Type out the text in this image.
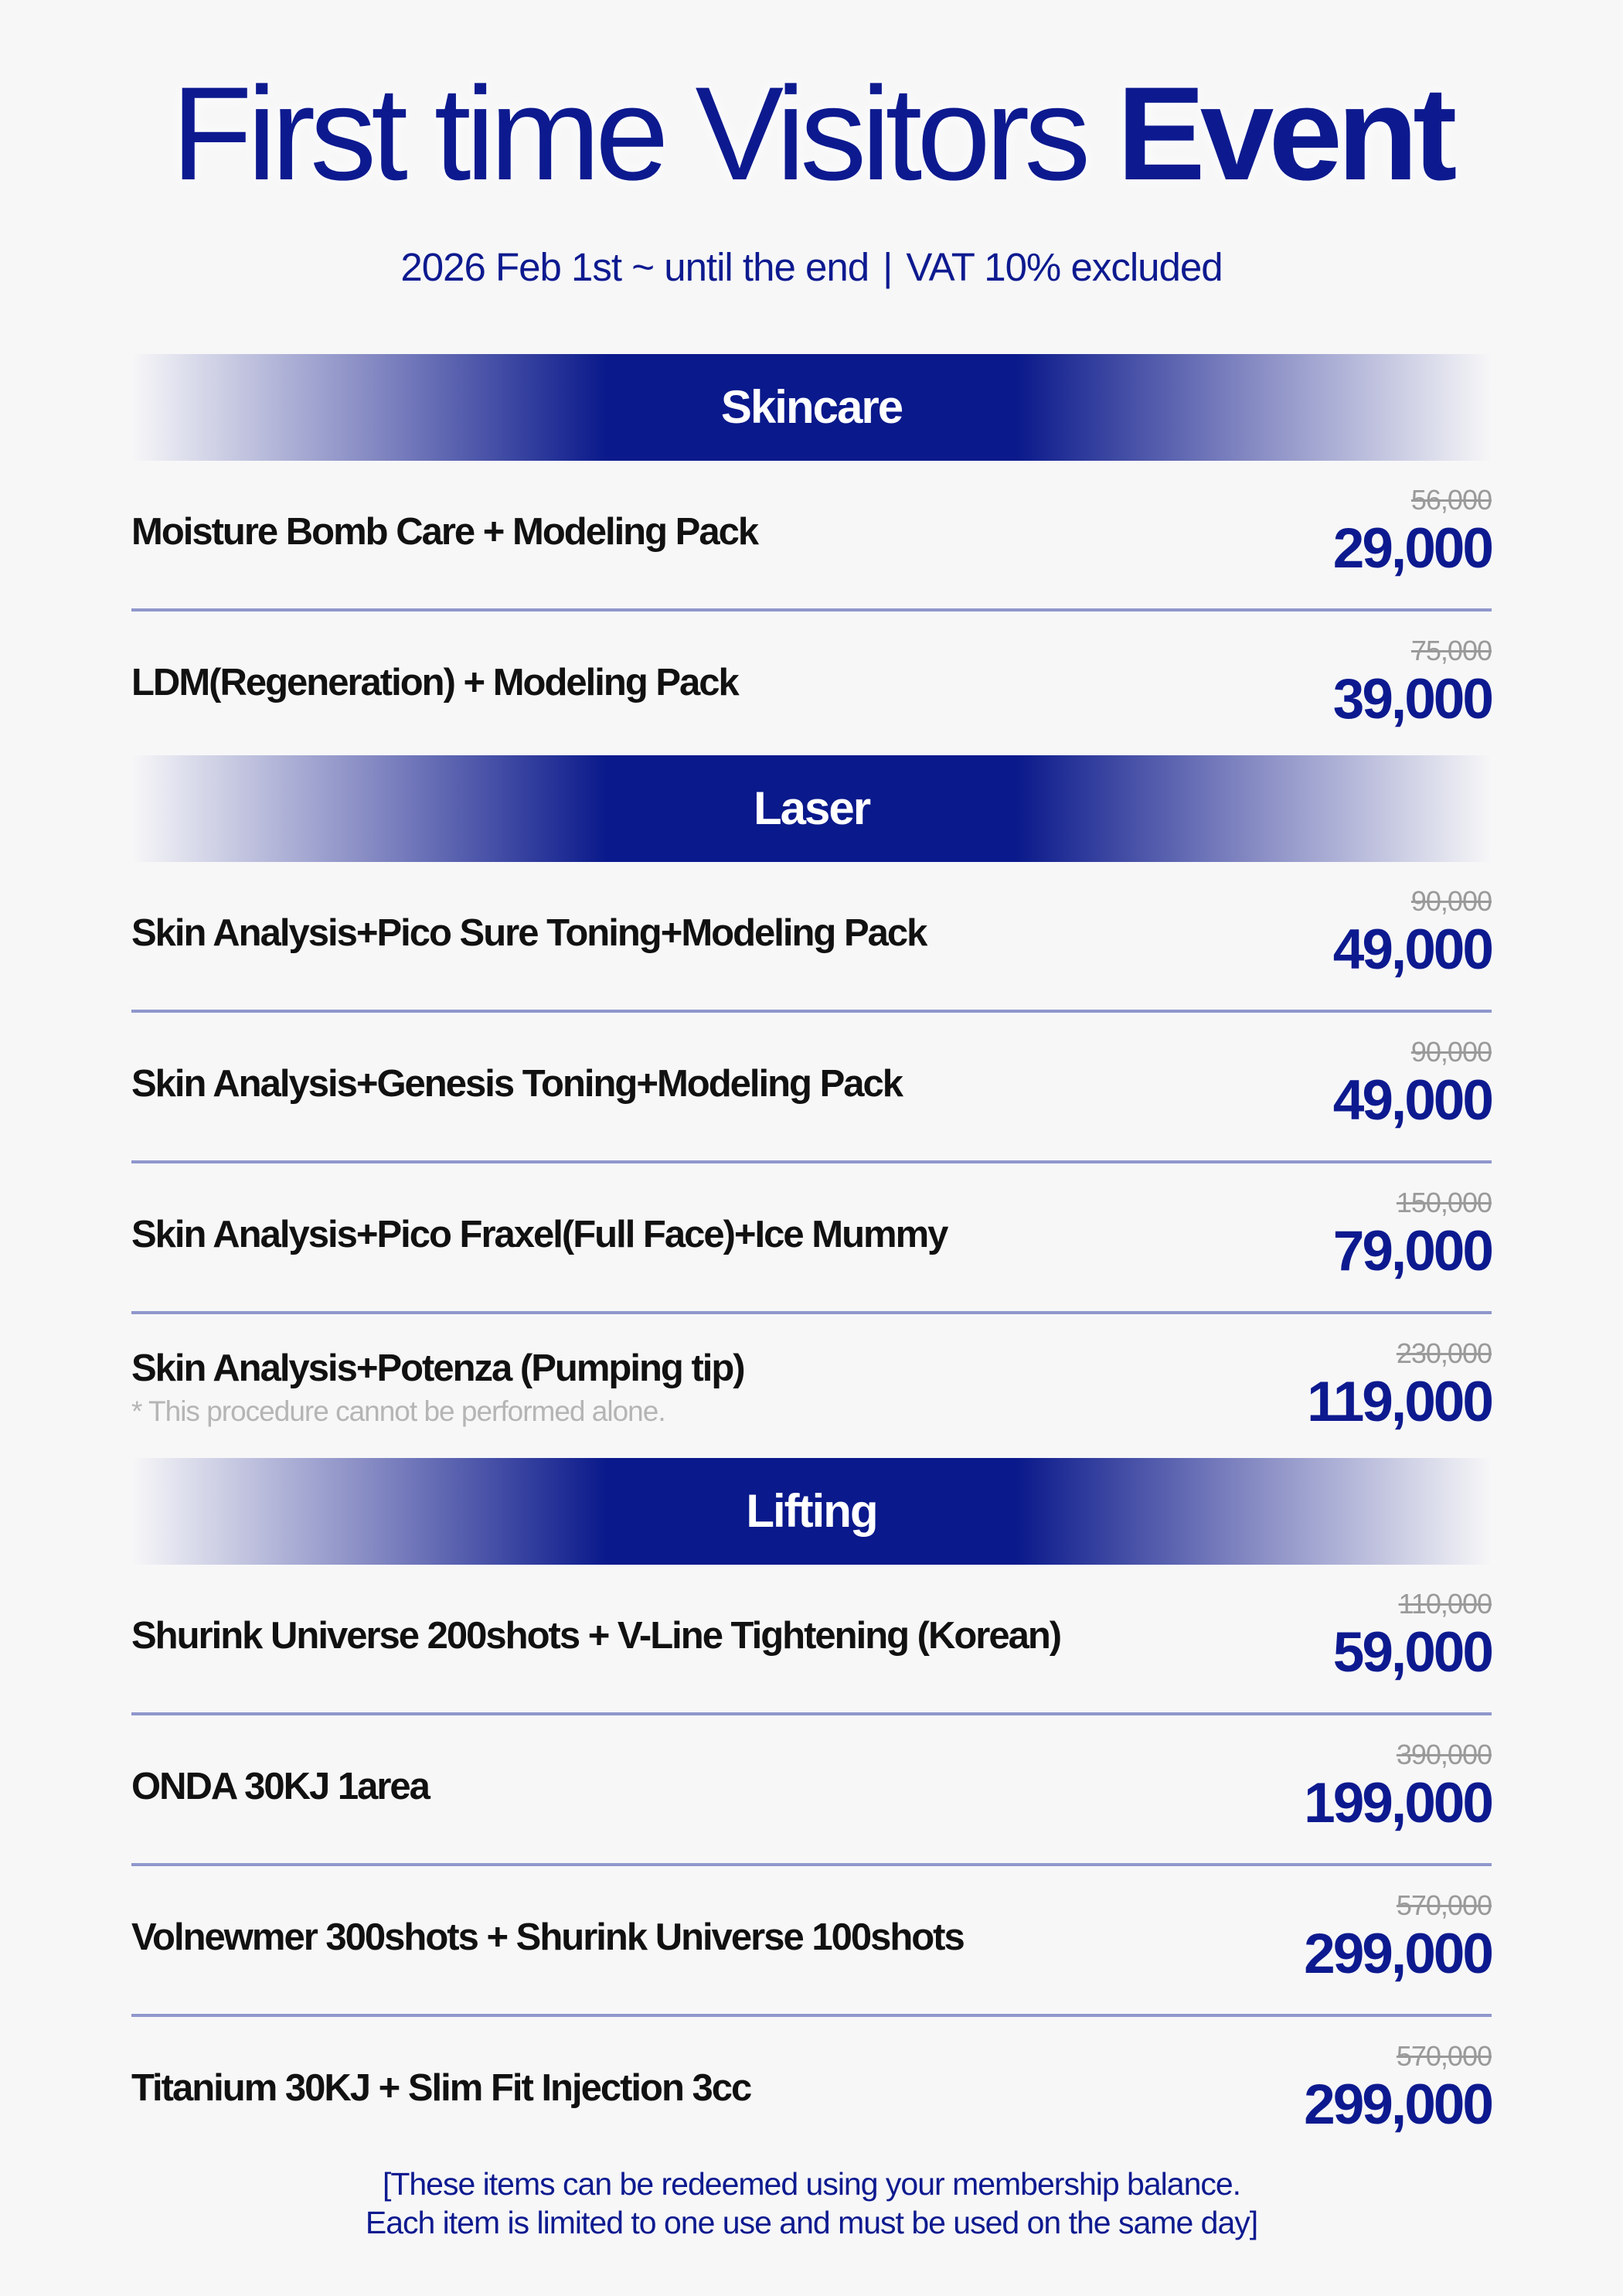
First time Visitors Event
2026 Feb 1st ~ until the end | VAT 10% excluded
Skincare
Moisture Bomb Care + Modeling Pack
56,000
29,000
LDM(Regeneration) + Modeling Pack
75,000
39,000
Laser
Skin Analysis+Pico Sure Toning+Modeling Pack
90,000
49,000
Skin Analysis+Genesis Toning+Modeling Pack
90,000
49,000
Skin Analysis+Pico Fraxel(Full Face)+Ice Mummy
150,000
79,000
Skin Analysis+Potenza (Pumping tip)
* This procedure cannot be performed alone.
230,000
119,000
Lifting
Shurink Universe 200shots + V-Line Tightening (Korean)
110,000
59,000
ONDA 30KJ 1area
390,000
199,000
Volnewmer 300shots + Shurink Universe 100shots
570,000
299,000
Titanium 30KJ + Slim Fit Injection 3cc
570,000
299,000
[These items can be redeemed using your membership balance.
Each item is limited to one use and must be used on the same day]
